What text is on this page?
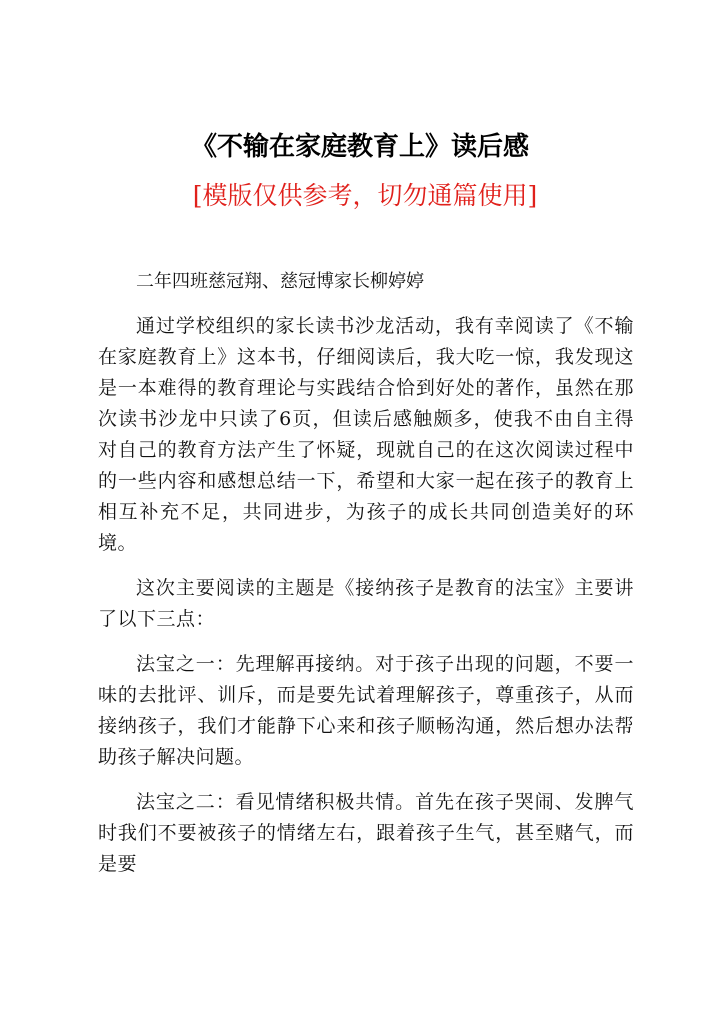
《不输在家庭教育上》读后感
[模版仅供参考，切勿通篇使用]

二年四班慈冠翔、慈冠博家长柳婷婷

通过学校组织的家长读书沙龙活动，我有幸阅读了《不输在家庭教育上》这本书，仔细阅读后，我大吃一惊，我发现这是一本难得的教育理论与实践结合恰到好处的著作，虽然在那次读书沙龙中只读了6页，但读后感触颇多，使我不由自主得对自己的教育方法产生了怀疑，现就自己的在这次阅读过程中的一些内容和感想总结一下，希望和大家一起在孩子的教育上相互补充不足，共同进步，为孩子的成长共同创造美好的环境。

这次主要阅读的主题是《接纳孩子是教育的法宝》主要讲了以下三点：

法宝之一：先理解再接纳。对于孩子出现的问题，不要一味的去批评、训斥，而是要先试着理解孩子，尊重孩子，从而接纳孩子，我们才能静下心来和孩子顺畅沟通，然后想办法帮助孩子解决问题。

法宝之二：看见情绪积极共情。首先在孩子哭闹、发脾气时我们不要被孩子的情绪左右，跟着孩子生气，甚至赌气，而是要
